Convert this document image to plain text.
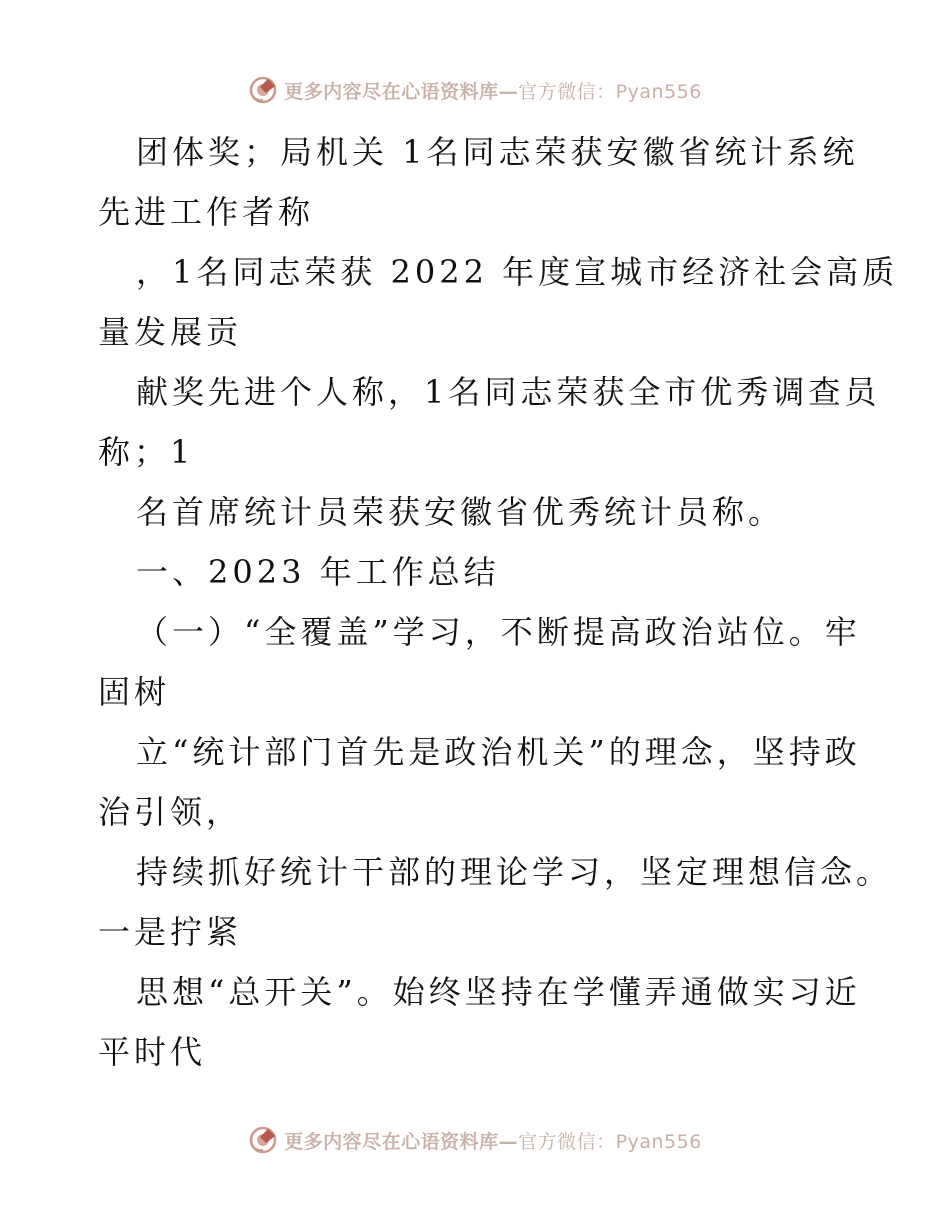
更多内容尽在心语资料库—官方微信：Pyan556
团体奖；局机关 1名同志荣获安徽省统计系统
先进工作者称
，1名同志荣获 2022 年度宣城市经济社会高质
量发展贡
献奖先进个人称，1名同志荣获全市优秀调查员
称；1
名首席统计员荣获安徽省优秀统计员称。
一、2023 年工作总结
（一）“全覆盖”学习，不断提高政治站位。牢
固树
立“统计部门首先是政治机关”的理念，坚持政
治引领，
持续抓好统计干部的理论学习，坚定理想信念。
一是拧紧
思想“总开关”。始终坚持在学懂弄通做实习近
平时代
更多内容尽在心语资料库—官方微信：Pyan556
